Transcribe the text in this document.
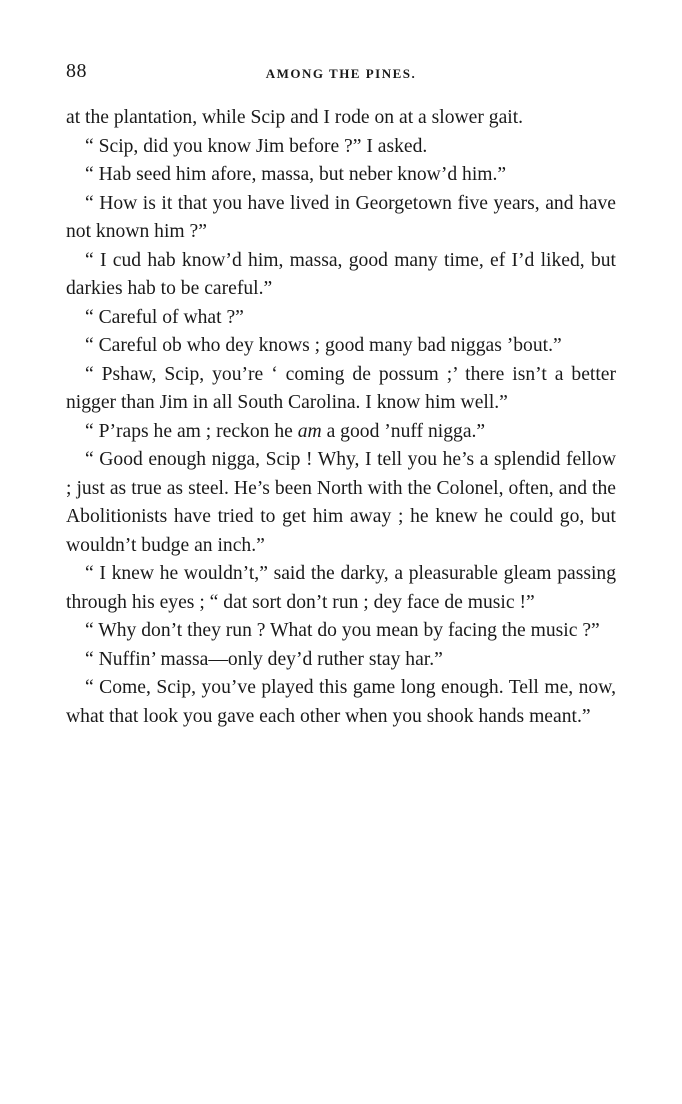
88	AMONG THE PINES.

at the plantation, while Scip and I rode on at a slower gait.

“ Scip, did you know Jim before ?” I asked.

“ Hab seed him afore, massa, but neber know’d him.”

“ How is it that you have lived in Georgetown five years, and have not known him ?”

“ I cud hab know’d him, massa, good many time, ef I’d liked, but darkies hab to be careful.”

“ Careful of what ?”

“ Careful ob who dey knows ; good many bad niggas ’bout.”

“ Pshaw, Scip, you’re ‘ coming de possum ;’ there isn’t a better nigger than Jim in all South Carolina. I know him well.”

“ P’raps he am ; reckon he am a good ’nuff nigga.”

“ Good enough nigga, Scip ! Why, I tell you he’s a splendid fellow ; just as true as steel. He’s been North with the Colonel, often, and the Abolitionists have tried to get him away ; he knew he could go, but wouldn’t budge an inch.”

“ I knew he wouldn’t,” said the darky, a pleasurable gleam passing through his eyes ; “ dat sort don’t run ; dey face de music !”

“ Why don’t they run ? What do you mean by facing the music ?”

“ Nuffin’ massa—only dey’d ruther stay har.”

“ Come, Scip, you’ve played this game long enough. Tell me, now, what that look you gave each other when you shook hands meant.”
